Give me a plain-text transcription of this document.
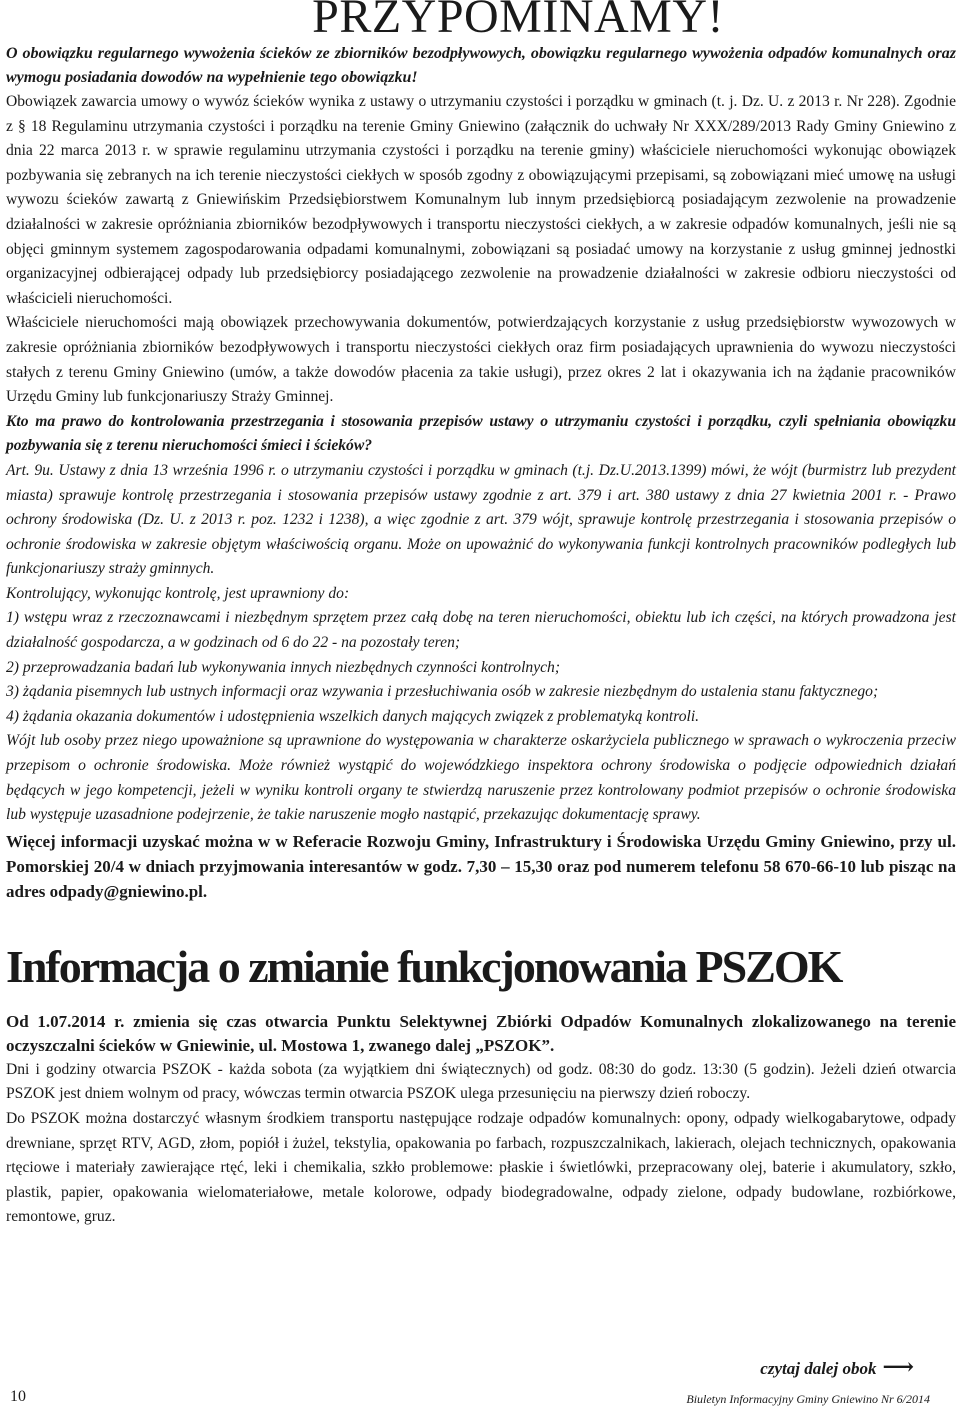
PRZYPOMINAMY!
O obowiązku regularnego wywożenia ścieków ze zbiorników bezodpływowych, obowiązku regularnego wywożenia odpadów komunalnych oraz wymogu posiadania dowodów na wypełnienie tego obowiązku!

Obowiązek zawarcia umowy o wywóz ścieków wynika z ustawy o utrzymaniu czystości i porządku w gminach (t. j. Dz. U. z 2013 r. Nr 228). Zgodnie z § 18 Regulaminu utrzymania czystości i porządku na terenie Gminy Gniewino (załącznik do uchwały Nr XXX/289/2013 Rady Gminy Gniewino z dnia 22 marca 2013 r. w sprawie regulaminu utrzymania czystości i porządku na terenie gminy) właściciele nieruchomości wykonując obowiązek pozbywania się zebranych na ich terenie nieczystości ciekłych w sposób zgodny z obowiązującymi przepisami, są zobowiązani mieć umowę na usługi wywozu ścieków zawartą z Gniewińskim Przedsiębiorstwem Komunalnym lub innym przedsiębiorcą posiadającym zezwolenie na prowadzenie działalności w zakresie opróżniania zbiorników bezodpływowych i transportu nieczystości ciekłych, a w zakresie odpadów komunalnych, jeśli nie są objęci gminnym systemem zagospodarowania odpadami komunalnymi, zobowiązani są posiadać umowy na korzystanie z usług gminnej jednostki organizacyjnej odbierającej odpady lub przedsiębiorcy posiadającego zezwolenie na prowadzenie działalności w zakresie odbioru nieczystości od właścicieli nieruchomości.

Właściciele nieruchomości mają obowiązek przechowywania dokumentów, potwierdzających korzystanie z usług przedsiębiorstw wywozowych w zakresie opróżniania zbiorników bezodpływowych i transportu nieczystości ciekłych oraz firm posiadających uprawnienia do wywozu nieczystości stałych z terenu Gminy Gniewino (umów, a także dowodów płacenia za takie usługi), przez okres 2 lat i okazywania ich na żądanie pracowników Urzędu Gminy lub funkcjonariuszy Straży Gminnej.

Kto ma prawo do kontrolowania przestrzegania i stosowania przepisów ustawy o utrzymaniu czystości i porządku, czyli spełniania obowiązku pozbywania się z terenu nieruchomości śmieci i ścieków?

Art. 9u. Ustawy z dnia 13 września 1996 r. o utrzymaniu czystości i porządku w gminach (t.j. Dz.U.2013.1399) mówi, że wójt (burmistrz lub prezydent miasta) sprawuje kontrolę przestrzegania i stosowania przepisów ustawy zgodnie z art. 379 i art. 380 ustawy z dnia 27 kwietnia 2001 r. - Prawo ochrony środowiska (Dz. U. z 2013 r. poz. 1232 i 1238), a więc zgodnie z art. 379 wójt, sprawuje kontrolę przestrzegania i stosowania przepisów o ochronie środowiska w zakresie objętym właściwością organu. Może on upoważnić do wykonywania funkcji kontrolnych pracowników podległych lub funkcjonariuszy straży gminnych.

Kontrolujący, wykonując kontrolę, jest uprawniony do:

1) wstępu wraz z rzeczoznawcami i niezbędnym sprzętem przez całą dobę na teren nieruchomości, obiektu lub ich części, na których prowadzona jest działalność gospodarcza, a w godzinach od 6 do 22 - na pozostały teren;

2) przeprowadzania badań lub wykonywania innych niezbędnych czynności kontrolnych;

3) żądania pisemnych lub ustnych informacji oraz wzywania i przesłuchiwania osób w zakresie niezbędnym do ustalenia stanu faktycznego;

4) żądania okazania dokumentów i udostępnienia wszelkich danych mających związek z problematyką kontroli.

Wójt lub osoby przez niego upoważnione są uprawnione do występowania w charakterze oskarżyciela publicznego w sprawach o wykroczenia przeciw przepisom o ochronie środowiska. Może również wystąpić do wojewódzkiego inspektora ochrony środowiska o podjęcie odpowiednich działań będących w jego kompetencji, jeżeli w wyniku kontroli organy te stwierdzą naruszenie przez kontrolowany podmiot przepisów o ochronie środowiska lub występuje uzasadnione podejrzenie, że takie naruszenie mogło nastąpić, przekazując dokumentację sprawy.

Więcej informacji uzyskać można w w Referacie Rozwoju Gminy, Infrastruktury i Środowiska Urzędu Gminy Gniewino, przy ul. Pomorskiej 20/4 w dniach przyjmowania interesantów w godz. 7,30 – 15,30 oraz pod numerem telefonu 58 670-66-10 lub pisząc na adres odpady@gniewino.pl.
Informacja o zmianie funkcjonowania PSZOK
Od 1.07.2014 r. zmienia się czas otwarcia Punktu Selektywnej Zbiórki Odpadów Komunalnych zlokalizowanego na terenie oczyszczalni ścieków w Gniewinie, ul. Mostowa 1, zwanego dalej „PSZOK”.

Dni i godziny otwarcia PSZOK - każda sobota (za wyjątkiem dni świątecznych) od godz. 08:30 do godz. 13:30 (5 godzin). Jeżeli dzień otwarcia PSZOK jest dniem wolnym od pracy, wówczas termin otwarcia PSZOK ulega przesunięciu na pierwszy dzień roboczy.

Do PSZOK można dostarczyć własnym środkiem transportu następujące rodzaje odpadów komunalnych: opony, odpady wielkogabarytowe, odpady drewniane, sprzęt RTV, AGD, złom, popiół i żużel, tekstylia, opakowania po farbach, rozpuszczalnikach, lakierach, olejach technicznych, opakowania rtęciowe i materiały zawierające rtęć, leki i chemikalia, szkło problemowe: płaskie i świetlówki, przepracowany olej, baterie i akumulatory, szkło, plastik, papier, opakowania wielomateriałowe, metale kolorowe, odpady biodegradowalne, odpady zielone, odpady budowlane, rozbiórkowe, remontowe, gruz.

czytaj dalej obok ⟶
10	Biuletyn Informacyjny Gminy Gniewino Nr 6/2014
